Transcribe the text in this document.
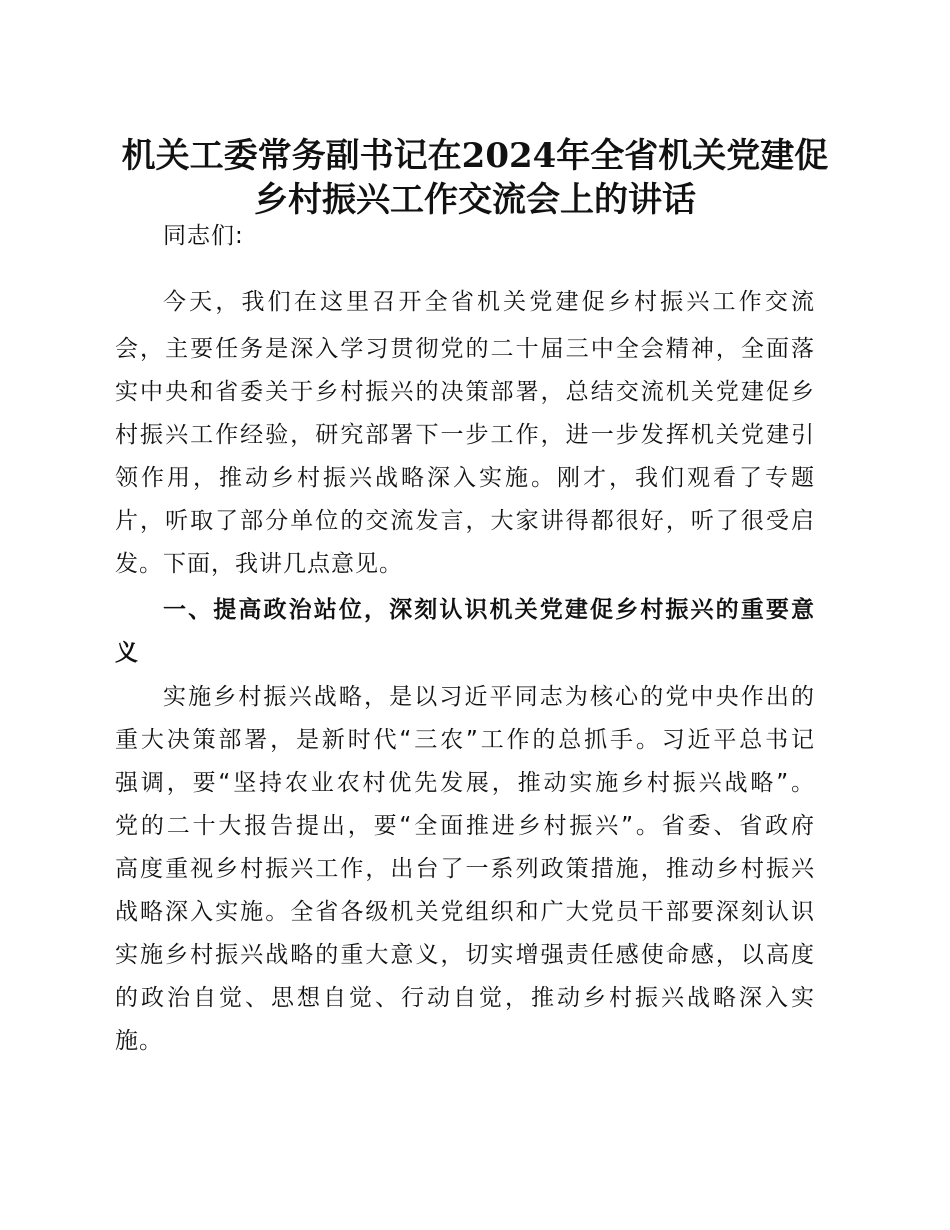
机关工委常务副书记在2024年全省机关党建促
乡村振兴工作交流会上的讲话
同志们:
今天，我们在这里召开全省机关党建促乡村振兴工作交流
会，主要任务是深入学习贯彻党的二十届三中全会精神，全面落
实中央和省委关于乡村振兴的决策部署，总结交流机关党建促乡
村振兴工作经验，研究部署下一步工作，进一步发挥机关党建引
领作用，推动乡村振兴战略深入实施。刚才，我们观看了专题
片，听取了部分单位的交流发言，大家讲得都很好，听了很受启
发。下面，我讲几点意见。
一、提高政治站位，深刻认识机关党建促乡村振兴的重要意
义
实施乡村振兴战略，是以习近平同志为核心的党中央作出的
重大决策部署，是新时代“三农”工作的总抓手。习近平总书记
强调，要“坚持农业农村优先发展，推动实施乡村振兴战略”。
党的二十大报告提出，要“全面推进乡村振兴”。省委、省政府
高度重视乡村振兴工作，出台了一系列政策措施，推动乡村振兴
战略深入实施。全省各级机关党组织和广大党员干部要深刻认识
实施乡村振兴战略的重大意义，切实增强责任感使命感，以高度
的政治自觉、思想自觉、行动自觉，推动乡村振兴战略深入实
施。
